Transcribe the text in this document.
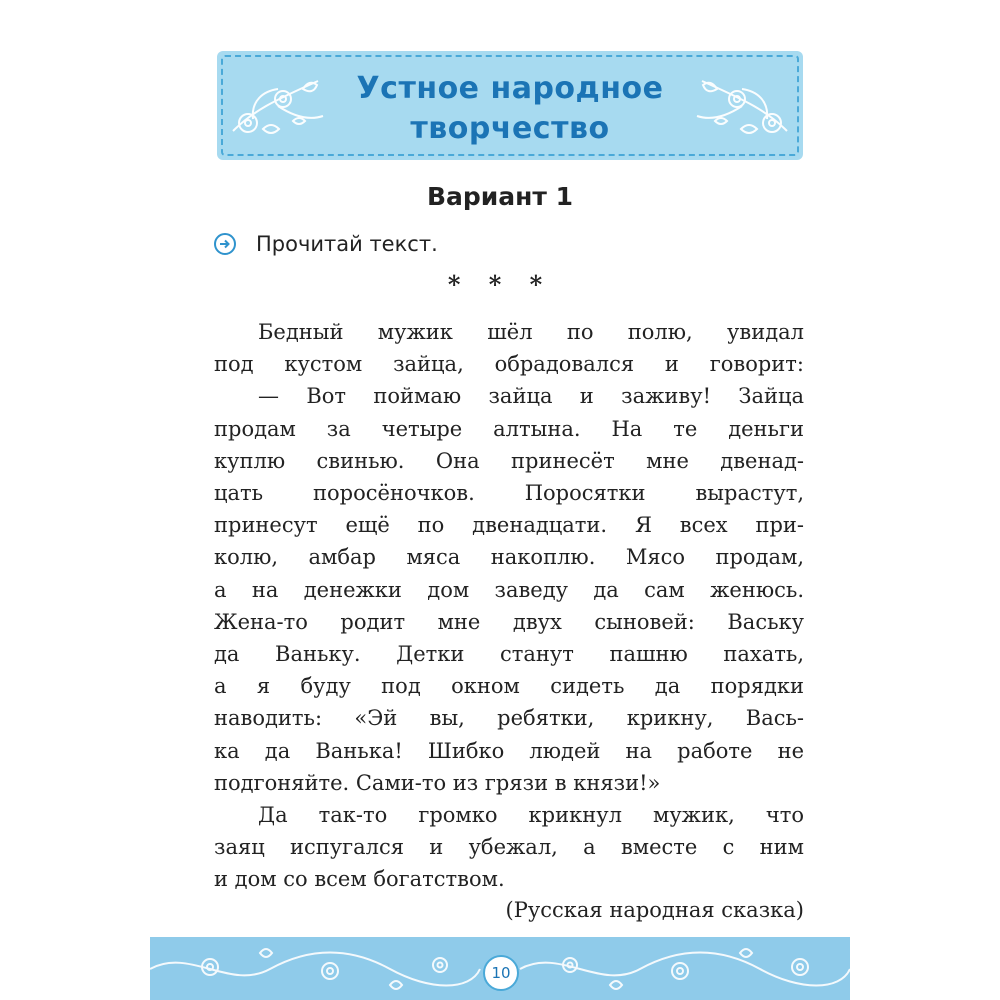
Устное народное
творчество
Вариант 1
Прочитай текст.
* * *
Бедный мужик шёл по полю, увидал
под кустом зайца, обрадовался и говорит:
— Вот поймаю зайца и заживу! Зайца
продам за четыре алтына. На те деньги
куплю свинью. Она принесёт мне двенад-
цать поросёночков. Поросятки вырастут,
принесут ещё по двенадцати. Я всех при-
колю, амбар мяса накоплю. Мясо продам,
а на денежки дом заведу да сам женюсь.
Жена-то родит мне двух сыновей: Ваську
да Ваньку. Детки станут пашню пахать,
а я буду под окном сидеть да порядки
наводить: «Эй вы, ребятки, крикну, Вась-
ка да Ванька! Шибко людей на работе не
подгоняйте. Сами-то из грязи в князи!»
Да так-то громко крикнул мужик, что
заяц испугался и убежал, а вместе с ним
и дом со всем богатством.
(Русская народная сказка)
10
